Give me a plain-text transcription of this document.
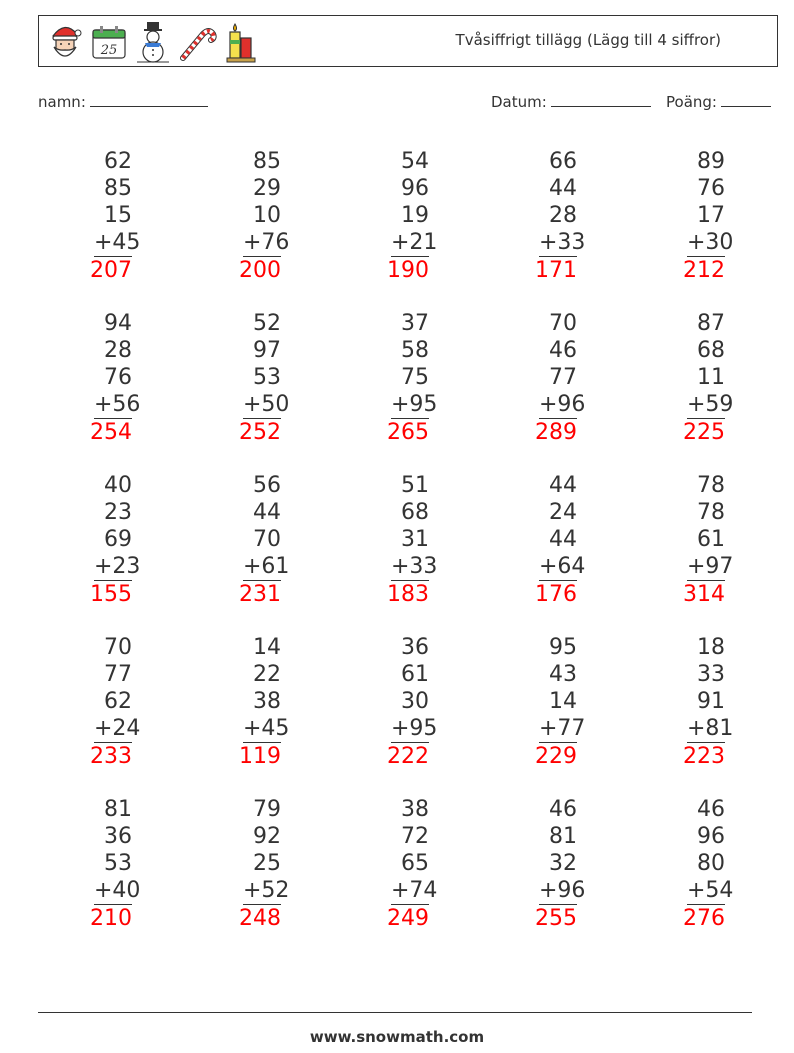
25
Tvåsiffrigt tillägg (Lägg till 4 siffror)
namn:	Datum:	Poäng:
62
85
15
+45
207
85
29
10
+76
200
54
96
19
+21
190
66
44
28
+33
171
89
76
17
+30
212
94
28
76
+56
254
52
97
53
+50
252
37
58
75
+95
265
70
46
77
+96
289
87
68
11
+59
225
40
23
69
+23
155
56
44
70
+61
231
51
68
31
+33
183
44
24
44
+64
176
78
78
61
+97
314
70
77
62
+24
233
14
22
38
+45
119
36
61
30
+95
222
95
43
14
+77
229
18
33
91
+81
223
81
36
53
+40
210
79
92
25
+52
248
38
72
65
+74
249
46
81
32
+96
255
46
96
80
+54
276
www.snowmath.com
